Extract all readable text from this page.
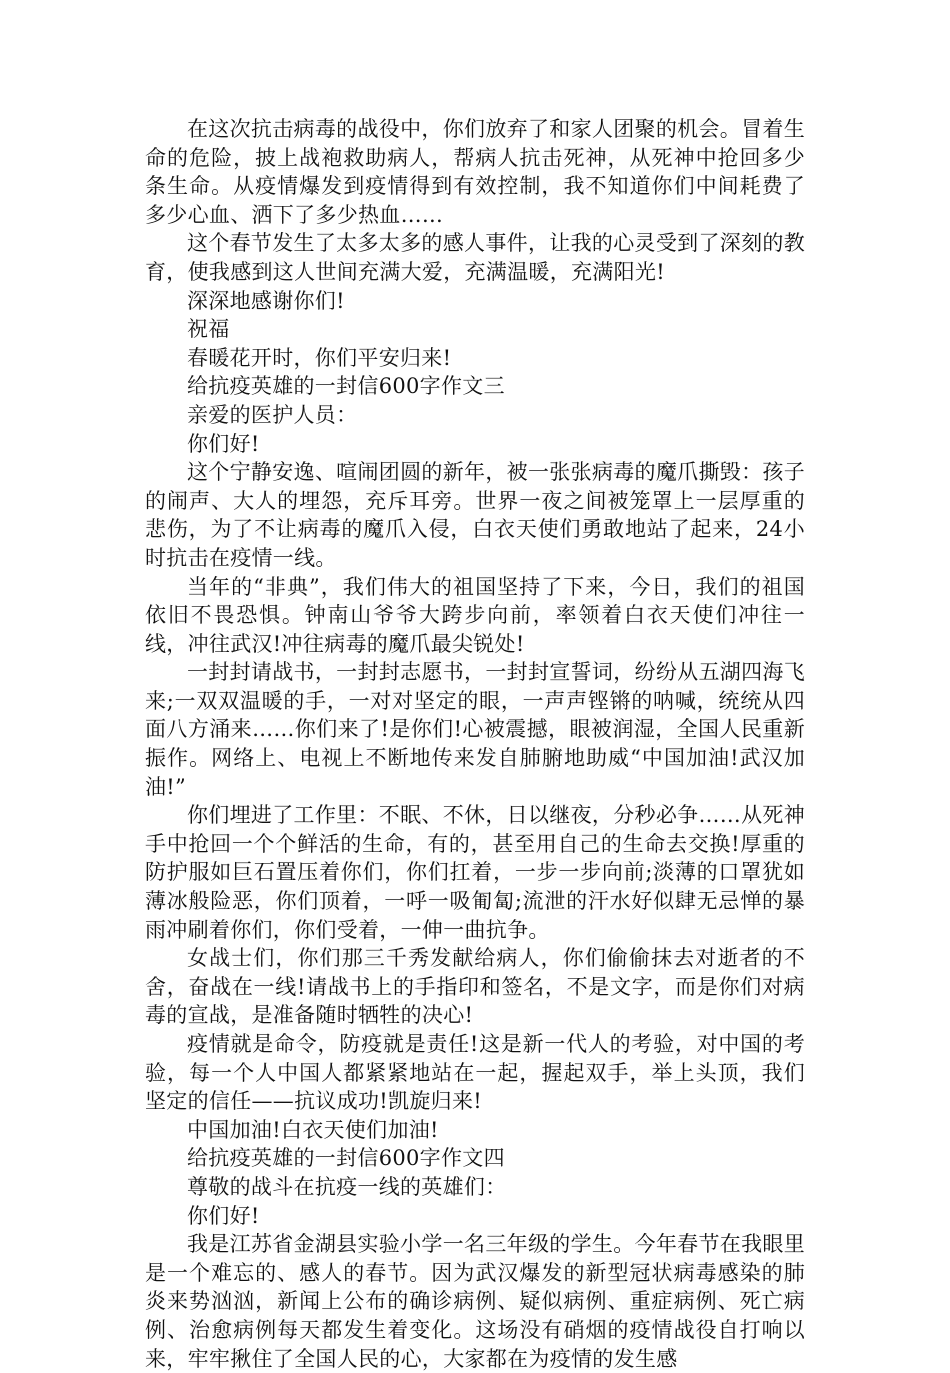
在这次抗击病毒的战役中，你们放弃了和家人团聚的机会。冒着生命的危险，披上战袍救助病人，帮病人抗击死神，从死神中抢回多少条生命。从疫情爆发到疫情得到有效控制，我不知道你们中间耗费了多少心血、洒下了多少热血……

这个春节发生了太多太多的感人事件，让我的心灵受到了深刻的教育，使我感到这人世间充满大爱，充满温暖，充满阳光!

深深地感谢你们!

祝福

春暖花开时，你们平安归来!

给抗疫英雄的一封信600字作文三

亲爱的医护人员：

你们好!

这个宁静安逸、喧闹团圆的新年，被一张张病毒的魔爪撕毁：孩子的闹声、大人的埋怨，充斥耳旁。世界一夜之间被笼罩上一层厚重的悲伤，为了不让病毒的魔爪入侵，白衣天使们勇敢地站了起来，24小时抗击在疫情一线。

当年的“非典”，我们伟大的祖国坚持了下来，今日，我们的祖国依旧不畏恐惧。钟南山爷爷大跨步向前，率领着白衣天使们冲往一线，冲往武汉!冲往病毒的魔爪最尖锐处!

一封封请战书，一封封志愿书，一封封宣誓词，纷纷从五湖四海飞来;一双双温暖的手，一对对坚定的眼，一声声铿锵的呐喊，统统从四面八方涌来……你们来了!是你们!心被震撼，眼被润湿，全国人民重新振作。网络上、电视上不断地传来发自肺腑地助威“中国加油!武汉加油!”

你们埋进了工作里：不眠、不休，日以继夜，分秒必争……从死神手中抢回一个个鲜活的生命，有的，甚至用自己的生命去交换!厚重的防护服如巨石置压着你们，你们扛着，一步一步向前;淡薄的口罩犹如薄冰般险恶，你们顶着，一呼一吸匍匐;流泄的汗水好似肆无忌惮的暴雨冲刷着你们，你们受着，一伸一曲抗争。

女战士们，你们那三千秀发献给病人，你们偷偷抹去对逝者的不舍，奋战在一线!请战书上的手指印和签名，不是文字，而是你们对病毒的宣战，是准备随时牺牲的决心!

疫情就是命令，防疫就是责任!这是新一代人的考验，对中国的考验，每一个人中国人都紧紧地站在一起，握起双手，举上头顶，我们坚定的信任——抗议成功!凯旋归来!

中国加油!白衣天使们加油!

给抗疫英雄的一封信600字作文四

尊敬的战斗在抗疫一线的英雄们：

你们好!

我是江苏省金湖县实验小学一名三年级的学生。今年春节在我眼里是一个难忘的、感人的春节。因为武汉爆发的新型冠状病毒感染的肺炎来势汹汹，新闻上公布的确诊病例、疑似病例、重症病例、死亡病例、治愈病例每天都发生着变化。这场没有硝烟的疫情战役自打响以来，牢牢揪住了全国人民的心，大家都在为疫情的发生感
